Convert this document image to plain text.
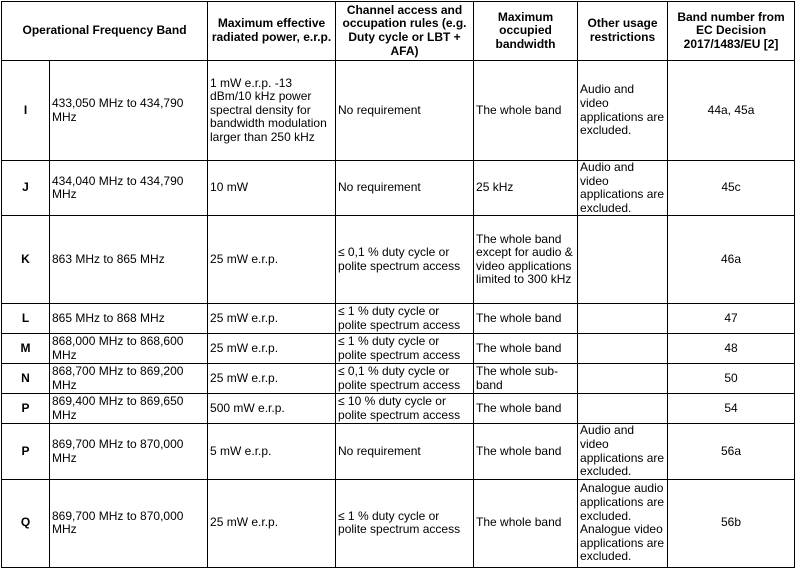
Operational Frequency Band		Maximum effective radiated power, e.r.p.	Channel access and occupation rules (e.g. Duty cycle or LBT + AFA)	Maximum occupied bandwidth	Other usage restrictions	Band number from EC Decision 2017/1483/EU [2]
I	433,050 MHz to 434,790 MHz	1 mW e.r.p. -13 dBm/10 kHz power spectral density for bandwidth modulation larger than 250 kHz	No requirement	The whole band	Audio and video applications are excluded.	44a, 45a
J	434,040 MHz to 434,790 MHz	10 mW	No requirement	25 kHz	Audio and video applications are excluded.	45c
K	863 MHz to 865 MHz	25 mW e.r.p.	≤ 0,1 % duty cycle or polite spectrum access	The whole band except for audio & video applications limited to 300 kHz		46a
L	865 MHz to 868 MHz	25 mW e.r.p.	≤ 1 % duty cycle or polite spectrum access	The whole band		47
M	868,000 MHz to 868,600 MHz	25 mW e.r.p.	≤ 1 % duty cycle or polite spectrum access	The whole band		48
N	868,700 MHz to 869,200 MHz	25 mW e.r.p.	≤ 0,1 % duty cycle or polite spectrum access	The whole sub-band		50
P	869,400 MHz to 869,650 MHz	500 mW e.r.p.	≤ 10 % duty cycle or polite spectrum access	The whole band		54
P	869,700 MHz to 870,000 MHz	5 mW e.r.p.	No requirement	The whole band	Audio and video applications are excluded.	56a
Q	869,700 MHz to 870,000 MHz	25 mW e.r.p.	≤ 1 % duty cycle or polite spectrum access	The whole band	Analogue audio applications are excluded. Analogue video applications are excluded.	56b
